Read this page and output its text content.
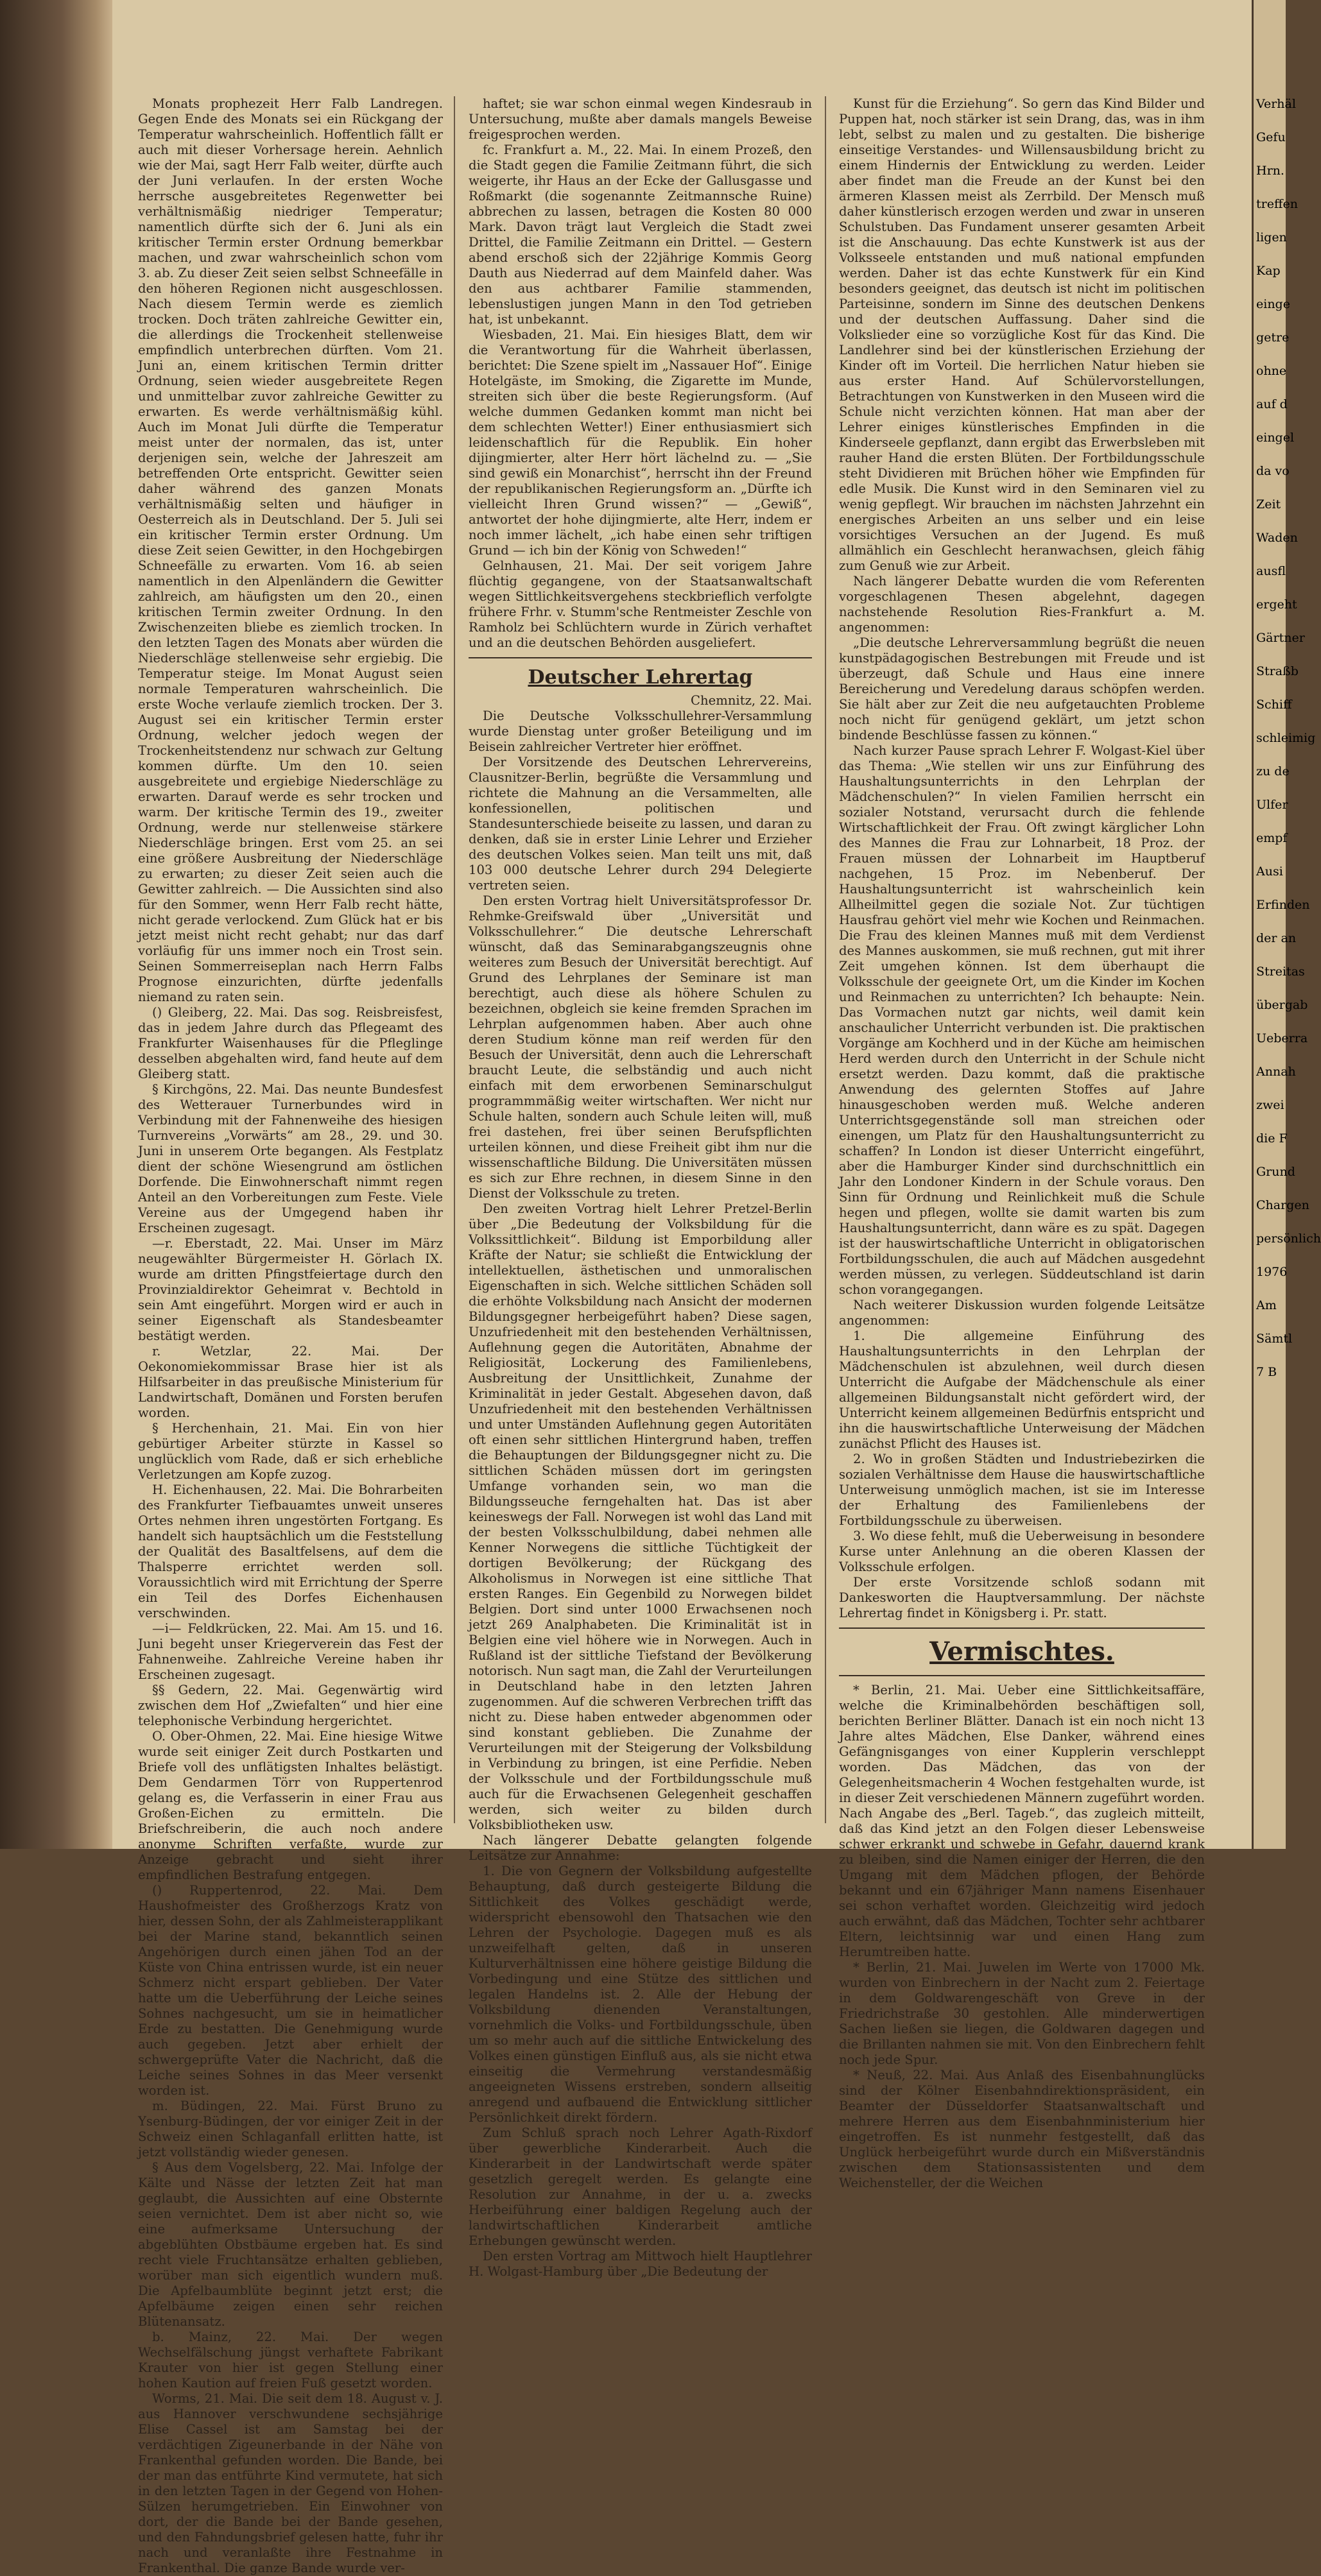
Monats prophezeit Herr Falb Landregen. Gegen Ende des Monats sei ein Rückgang der Temperatur wahrscheinlich. Hoffentlich fällt er auch mit dieser Vorhersage herein. Aehnlich wie der Mai, sagt Herr Falb weiter, dürfte auch der Juni verlaufen. In der ersten Woche herrsche ausgebreitetes Regenwetter bei verhältnismäßig niedriger Temperatur; namentlich dürfte sich der 6. Juni als ein kritischer Termin erster Ordnung bemerkbar machen, und zwar wahrscheinlich schon vom 3. ab. Zu dieser Zeit seien selbst Schneefälle in den höheren Regionen nicht ausgeschlossen. Nach diesem Termin werde es ziemlich trocken. Doch träten zahlreiche Gewitter ein, die allerdings die Trockenheit stellenweise empfindlich unterbrechen dürften. Vom 21. Juni an, einem kritischen Termin dritter Ordnung, seien wieder ausgebreitete Regen und unmittelbar zuvor zahlreiche Gewitter zu erwarten. Es werde verhältnismäßig kühl. Auch im Monat Juli dürfte die Temperatur meist unter der normalen, das ist, unter derjenigen sein, welche der Jahreszeit am betreffenden Orte entspricht. Gewitter seien daher während des ganzen Monats verhältnismäßig selten und häufiger in Oesterreich als in Deutschland. Der 5. Juli sei ein kritischer Termin erster Ordnung. Um diese Zeit seien Gewitter, in den Hochgebirgen Schneefälle zu erwarten. Vom 16. ab seien namentlich in den Alpenländern die Gewitter zahlreich, am häufigsten um den 20., einen kritischen Termin zweiter Ordnung. In den Zwischenzeiten bliebe es ziemlich trocken. In den letzten Tagen des Monats aber würden die Niederschläge stellenweise sehr ergiebig. Die Temperatur steige. Im Monat August seien normale Temperaturen wahrscheinlich. Die erste Woche verlaufe ziemlich trocken. Der 3. August sei ein kritischer Termin erster Ordnung, welcher jedoch wegen der Trockenheitstendenz nur schwach zur Geltung kommen dürfte. Um den 10. seien ausgebreitete und ergiebige Niederschläge zu erwarten. Darauf werde es sehr trocken und warm. Der kritische Termin des 19., zweiter Ordnung, werde nur stellenweise stärkere Niederschläge bringen. Erst vom 25. an sei eine größere Ausbreitung der Niederschläge zu erwarten; zu dieser Zeit seien auch die Gewitter zahlreich. — Die Aussichten sind also für den Sommer, wenn Herr Falb recht hätte, nicht gerade verlockend. Zum Glück hat er bis jetzt meist nicht recht gehabt; nur das darf vorläufig für uns immer noch ein Trost sein. Seinen Sommerreiseplan nach Herrn Falbs Prognose einzurichten, dürfte jedenfalls niemand zu raten sein.

() Gleiberg, 22. Mai. Das sog. Reisbreisfest, das in jedem Jahre durch das Pflegeamt des Frankfurter Waisenhauses für die Pfleglinge desselben abgehalten wird, fand heute auf dem Gleiberg statt.

§ Kirchgöns, 22. Mai. Das neunte Bundesfest des Wetterauer Turnerbundes wird in Verbindung mit der Fahnenweihe des hiesigen Turnvereins „Vorwärts“ am 28., 29. und 30. Juni in unserem Orte begangen. Als Festplatz dient der schöne Wiesengrund am östlichen Dorfende. Die Einwohnerschaft nimmt regen Anteil an den Vorbereitungen zum Feste. Viele Vereine aus der Umgegend haben ihr Erscheinen zugesagt.

—r. Eberstadt, 22. Mai. Unser im März neugewählter Bürgermeister H. Görlach IX. wurde am dritten Pfingstfeiertage durch den Provinzialdirektor Geheimrat v. Bechtold in sein Amt eingeführt. Morgen wird er auch in seiner Eigenschaft als Standesbeamter bestätigt werden.

r. Wetzlar, 22. Mai. Der Oekonomiekommissar Brase hier ist als Hilfsarbeiter in das preußische Ministerium für Landwirtschaft, Domänen und Forsten berufen worden.

§ Herchenhain, 21. Mai. Ein von hier gebürtiger Arbeiter stürzte in Kassel so unglücklich vom Rade, daß er sich erhebliche Verletzungen am Kopfe zuzog.

H. Eichenhausen, 22. Mai. Die Bohrarbeiten des Frankfurter Tiefbauamtes unweit unseres Ortes nehmen ihren ungestörten Fortgang. Es handelt sich hauptsächlich um die Feststellung der Qualität des Basaltfelsens, auf dem die Thalsperre errichtet werden soll. Voraussichtlich wird mit Errichtung der Sperre ein Teil des Dorfes Eichenhausen verschwinden.

—i— Feldkrücken, 22. Mai. Am 15. und 16. Juni begeht unser Kriegerverein das Fest der Fahnenweihe. Zahlreiche Vereine haben ihr Erscheinen zugesagt.

§§ Gedern, 22. Mai. Gegenwärtig wird zwischen dem Hof „Zwiefalten“ und hier eine telephonische Verbindung hergerichtet.

O. Ober-Ohmen, 22. Mai. Eine hiesige Witwe wurde seit einiger Zeit durch Postkarten und Briefe voll des unflätigsten Inhaltes belästigt. Dem Gendarmen Törr von Ruppertenrod gelang es, die Verfasserin in einer Frau aus Großen-Eichen zu ermitteln. Die Briefschreiberin, die auch noch andere anonyme Schriften verfaßte, wurde zur Anzeige gebracht und sieht ihrer empfindlichen Bestrafung entgegen.

() Ruppertenrod, 22. Mai. Dem Haushofmeister des Großherzogs Kratz von hier, dessen Sohn, der als Zahlmeisterapplikant bei der Marine stand, bekanntlich seinen Angehörigen durch einen jähen Tod an der Küste von China entrissen wurde, ist ein neuer Schmerz nicht erspart geblieben. Der Vater hatte um die Ueberführung der Leiche seines Sohnes nachgesucht, um sie in heimatlicher Erde zu bestatten. Die Genehmigung wurde auch gegeben. Jetzt aber erhielt der schwergeprüfte Vater die Nachricht, daß die Leiche seines Sohnes in das Meer versenkt worden ist.

m. Büdingen, 22. Mai. Fürst Bruno zu Ysenburg-Büdingen, der vor einiger Zeit in der Schweiz einen Schlaganfall erlitten hatte, ist jetzt vollständig wieder genesen.

§ Aus dem Vogelsberg, 22. Mai. Infolge der Kälte und Nässe der letzten Zeit hat man geglaubt, die Aussichten auf eine Obsternte seien vernichtet. Dem ist aber nicht so, wie eine aufmerksame Untersuchung der abgeblühten Obstbäume ergeben hat. Es sind recht viele Fruchtansätze erhalten geblieben, worüber man sich eigentlich wundern muß. Die Apfelbaumblüte beginnt jetzt erst; die Apfelbäume zeigen einen sehr reichen Blütenansatz.

b. Mainz, 22. Mai. Der wegen Wechselfälschung jüngst verhaftete Fabrikant Krauter von hier ist gegen Stellung einer hohen Kaution auf freien Fuß gesetzt worden.

Worms, 21. Mai. Die seit dem 18. August v. J. aus Hannover verschwundene sechsjährige Elise Cassel ist am Samstag bei der verdächtigen Zigeunerbande in der Nähe von Frankenthal gefunden worden. Die Bande, bei der man das entführte Kind vermutete, hat sich in den letzten Tagen in der Gegend von Hohen-Sülzen herumgetrieben. Ein Einwohner von dort, der die Bande bei der Bande gesehen, und den Fahndungsbrief gelesen hatte, fuhr ihr nach und veranlaßte ihre Festnahme in Frankenthal. Die ganze Bande wurde ver-

haftet; sie war schon einmal wegen Kindesraub in Untersuchung, mußte aber damals mangels Beweise freigesprochen werden.

fc. Frankfurt a. M., 22. Mai. In einem Prozeß, den die Stadt gegen die Familie Zeitmann führt, die sich weigerte, ihr Haus an der Ecke der Gallusgasse und Roßmarkt (die sogenannte Zeitmannsche Ruine) abbrechen zu lassen, betragen die Kosten 80 000 Mark. Davon trägt laut Vergleich die Stadt zwei Drittel, die Familie Zeitmann ein Drittel. — Gestern abend erschoß sich der 22jährige Kommis Georg Dauth aus Niederrad auf dem Mainfeld daher. Was den aus achtbarer Familie stammenden, lebenslustigen jungen Mann in den Tod getrieben hat, ist unbekannt.

Wiesbaden, 21. Mai. Ein hiesiges Blatt, dem wir die Verantwortung für die Wahrheit überlassen, berichtet: Die Szene spielt im „Nassauer Hof“. Einige Hotelgäste, im Smoking, die Zigarette im Munde, streiten sich über die beste Regierungsform. (Auf welche dummen Gedanken kommt man nicht bei dem schlechten Wetter!) Einer enthusiasmiert sich leidenschaftlich für die Republik. Ein hoher dijingmierter, alter Herr hört lächelnd zu. — „Sie sind gewiß ein Monarchist“, herrscht ihn der Freund der republikanischen Regierungsform an. „Dürfte ich vielleicht Ihren Grund wissen?“ — „Gewiß“, antwortet der hohe dijingmierte, alte Herr, indem er noch immer lächelt, „ich habe einen sehr triftigen Grund — ich bin der König von Schweden!“

Gelnhausen, 21. Mai. Der seit vorigem Jahre flüchtig gegangene, von der Staatsanwaltschaft wegen Sittlichkeitsvergehens steckbrieflich verfolgte frühere Frhr. v. Stumm'sche Rentmeister Zeschle von Ramholz bei Schlüchtern wurde in Zürich verhaftet und an die deutschen Behörden ausgeliefert.

Deutscher Lehrertag
Chemnitz, 22. Mai.

Die Deutsche Volksschullehrer-Versammlung wurde Dienstag unter großer Beteiligung und im Beisein zahlreicher Vertreter hier eröffnet.

Der Vorsitzende des Deutschen Lehrervereins, Clausnitzer-Berlin, begrüßte die Versammlung und richtete die Mahnung an die Versammelten, alle konfessionellen, politischen und Standesunterschiede beiseite zu lassen, und daran zu denken, daß sie in erster Linie Lehrer und Erzieher des deutschen Volkes seien. Man teilt uns mit, daß 103 000 deutsche Lehrer durch 294 Delegierte vertreten seien.

Den ersten Vortrag hielt Universitätsprofessor Dr. Rehmke-Greifswald über „Universität und Volksschullehrer.“ Die deutsche Lehrerschaft wünscht, daß das Seminarabgangszeugnis ohne weiteres zum Besuch der Universität berechtigt. Auf Grund des Lehrplanes der Seminare ist man berechtigt, auch diese als höhere Schulen zu bezeichnen, obgleich sie keine fremden Sprachen im Lehrplan aufgenommen haben. Aber auch ohne deren Studium könne man reif werden für den Besuch der Universität, denn auch die Lehrerschaft braucht Leute, die selbständig und auch nicht einfach mit dem erworbenen Seminarschulgut programmmäßig weiter wirtschaften. Wer nicht nur Schule halten, sondern auch Schule leiten will, muß frei dastehen, frei über seinen Berufspflichten urteilen können, und diese Freiheit gibt ihm nur die wissenschaftliche Bildung. Die Universitäten müssen es sich zur Ehre rechnen, in diesem Sinne in den Dienst der Volksschule zu treten.

Den zweiten Vortrag hielt Lehrer Pretzel-Berlin über „Die Bedeutung der Volksbildung für die Volkssittlichkeit“. Bildung ist Emporbildung aller Kräfte der Natur; sie schließt die Entwicklung der intellektuellen, ästhetischen und unmoralischen Eigenschaften in sich. Welche sittlichen Schäden soll die erhöhte Volksbildung nach Ansicht der modernen Bildungsgegner herbeigeführt haben? Diese sagen, Unzufriedenheit mit den bestehenden Verhältnissen, Auflehnung gegen die Autoritäten, Abnahme der Religiosität, Lockerung des Familienlebens, Ausbreitung der Unsittlichkeit, Zunahme der Kriminalität in jeder Gestalt. Abgesehen davon, daß Unzufriedenheit mit den bestehenden Verhältnissen und unter Umständen Auflehnung gegen Autoritäten oft einen sehr sittlichen Hintergrund haben, treffen die Behauptungen der Bildungsgegner nicht zu. Die sittlichen Schäden müssen dort im geringsten Umfange vorhanden sein, wo man die Bildungsseuche ferngehalten hat. Das ist aber keineswegs der Fall. Norwegen ist wohl das Land mit der besten Volksschulbildung, dabei nehmen alle Kenner Norwegens die sittliche Tüchtigkeit der dortigen Bevölkerung; der Rückgang des Alkoholismus in Norwegen ist eine sittliche That ersten Ranges. Ein Gegenbild zu Norwegen bildet Belgien. Dort sind unter 1000 Erwachsenen noch jetzt 269 Analphabeten. Die Kriminalität ist in Belgien eine viel höhere wie in Norwegen. Auch in Rußland ist der sittliche Tiefstand der Bevölkerung notorisch. Nun sagt man, die Zahl der Verurteilungen in Deutschland habe in den letzten Jahren zugenommen. Auf die schweren Verbrechen trifft das nicht zu. Diese haben entweder abgenommen oder sind konstant geblieben. Die Zunahme der Verurteilungen mit der Steigerung der Volksbildung in Verbindung zu bringen, ist eine Perfidie. Neben der Volksschule und der Fortbildungsschule muß auch für die Erwachsenen Gelegenheit geschaffen werden, sich weiter zu bilden durch Volksbibliotheken usw.

Nach längerer Debatte gelangten folgende Leitsätze zur Annahme:

1. Die von Gegnern der Volksbildung aufgestellte Behauptung, daß durch gesteigerte Bildung die Sittlichkeit des Volkes geschädigt werde, widerspricht ebensowohl den Thatsachen wie den Lehren der Psychologie. Dagegen muß es als unzweifelhaft gelten, daß in unseren Kulturverhältnissen eine höhere geistige Bildung die Vorbedingung und eine Stütze des sittlichen und legalen Handelns ist. 2. Alle der Hebung der Volksbildung dienenden Veranstaltungen, vornehmlich die Volks- und Fortbildungsschule, üben um so mehr auch auf die sittliche Entwickelung des Volkes einen günstigen Einfluß aus, als sie nicht etwa einseitig die Vermehrung verstandesmäßig angeeigneten Wissens erstreben, sondern allseitig anregend und aufbauend die Entwicklung sittlicher Persönlichkeit direkt fördern.

Zum Schluß sprach noch Lehrer Agath-Rixdorf über gewerbliche Kinderarbeit. Auch die Kinderarbeit in der Landwirtschaft werde später gesetzlich geregelt werden. Es gelangte eine Resolution zur Annahme, in der u. a. zwecks Herbeiführung einer baldigen Regelung auch der landwirtschaftlichen Kinderarbeit amtliche Erhebungen gewünscht werden.

Den ersten Vortrag am Mittwoch hielt Hauptlehrer H. Wolgast-Hamburg über „Die Bedeutung der

Kunst für die Erziehung“. So gern das Kind Bilder und Puppen hat, noch stärker ist sein Drang, das, was in ihm lebt, selbst zu malen und zu gestalten. Die bisherige einseitige Verstandes- und Willensausbildung bricht zu einem Hindernis der Entwicklung zu werden. Leider aber findet man die Freude an der Kunst bei den ärmeren Klassen meist als Zerrbild. Der Mensch muß daher künstlerisch erzogen werden und zwar in unseren Schulstuben. Das Fundament unserer gesamten Arbeit ist die Anschauung. Das echte Kunstwerk ist aus der Volksseele entstanden und muß national empfunden werden. Daher ist das echte Kunstwerk für ein Kind besonders geeignet, das deutsch ist nicht im politischen Parteisinne, sondern im Sinne des deutschen Denkens und der deutschen Auffassung. Daher sind die Volkslieder eine so vorzügliche Kost für das Kind. Die Landlehrer sind bei der künstlerischen Erziehung der Kinder oft im Vorteil. Die herrlichen Natur hieben sie aus erster Hand. Auf Schülervorstellungen, Betrachtungen von Kunstwerken in den Museen wird die Schule nicht verzichten können. Hat man aber der Lehrer einiges künstlerisches Empfinden in die Kinderseele gepflanzt, dann ergibt das Erwerbsleben mit rauher Hand die ersten Blüten. Der Fortbildungsschule steht Dividieren mit Brüchen höher wie Empfinden für edle Musik. Die Kunst wird in den Seminaren viel zu wenig gepflegt. Wir brauchen im nächsten Jahrzehnt ein energisches Arbeiten an uns selber und ein leise vorsichtiges Versuchen an der Jugend. Es muß allmählich ein Geschlecht heranwachsen, gleich fähig zum Genuß wie zur Arbeit.

Nach längerer Debatte wurden die vom Referenten vorgeschlagenen Thesen abgelehnt, dagegen nachstehende Resolution Ries-Frankfurt a. M. angenommen:

„Die deutsche Lehrerversammlung begrüßt die neuen kunstpädagogischen Bestrebungen mit Freude und ist überzeugt, daß Schule und Haus eine innere Bereicherung und Veredelung daraus schöpfen werden. Sie hält aber zur Zeit die neu aufgetauchten Probleme noch nicht für genügend geklärt, um jetzt schon bindende Beschlüsse fassen zu können.“

Nach kurzer Pause sprach Lehrer F. Wolgast-Kiel über das Thema: „Wie stellen wir uns zur Einführung des Haushaltungsunterrichts in den Lehrplan der Mädchenschulen?“ In vielen Familien herrscht ein sozialer Notstand, verursacht durch die fehlende Wirtschaftlichkeit der Frau. Oft zwingt kärglicher Lohn des Mannes die Frau zur Lohnarbeit, 18 Proz. der Frauen müssen der Lohnarbeit im Hauptberuf nachgehen, 15 Proz. im Nebenberuf. Der Haushaltungsunterricht ist wahrscheinlich kein Allheilmittel gegen die soziale Not. Zur tüchtigen Hausfrau gehört viel mehr wie Kochen und Reinmachen. Die Frau des kleinen Mannes muß mit dem Verdienst des Mannes auskommen, sie muß rechnen, gut mit ihrer Zeit umgehen können. Ist dem überhaupt die Volksschule der geeignete Ort, um die Kinder im Kochen und Reinmachen zu unterrichten? Ich behaupte: Nein. Das Vormachen nutzt gar nichts, weil damit kein anschaulicher Unterricht verbunden ist. Die praktischen Vorgänge am Kochherd und in der Küche am heimischen Herd werden durch den Unterricht in der Schule nicht ersetzt werden. Dazu kommt, daß die praktische Anwendung des gelernten Stoffes auf Jahre hinausgeschoben werden muß. Welche anderen Unterrichtsgegenstände soll man streichen oder einengen, um Platz für den Haushaltungsunterricht zu schaffen? In London ist dieser Unterricht eingeführt, aber die Hamburger Kinder sind durchschnittlich ein Jahr den Londoner Kindern in der Schule voraus. Den Sinn für Ordnung und Reinlichkeit muß die Schule hegen und pflegen, wollte sie damit warten bis zum Haushaltungsunterricht, dann wäre es zu spät. Dagegen ist der hauswirtschaftliche Unterricht in obligatorischen Fortbildungsschulen, die auch auf Mädchen ausgedehnt werden müssen, zu verlegen. Süddeutschland ist darin schon vorangegangen.

Nach weiterer Diskussion wurden folgende Leitsätze angenommen:

1. Die allgemeine Einführung des Haushaltungsunterrichts in den Lehrplan der Mädchenschulen ist abzulehnen, weil durch diesen Unterricht die Aufgabe der Mädchenschule als einer allgemeinen Bildungsanstalt nicht gefördert wird, der Unterricht keinem allgemeinen Bedürfnis entspricht und ihn die hauswirtschaftliche Unterweisung der Mädchen zunächst Pflicht des Hauses ist.

2. Wo in großen Städten und Industriebezirken die sozialen Verhältnisse dem Hause die hauswirtschaftliche Unterweisung unmöglich machen, ist sie im Interesse der Erhaltung des Familienlebens der Fortbildungsschule zu überweisen.

3. Wo diese fehlt, muß die Ueberweisung in besondere Kurse unter Anlehnung an die oberen Klassen der Volksschule erfolgen.

Der erste Vorsitzende schloß sodann mit Dankesworten die Hauptversammlung. Der nächste Lehrertag findet in Königsberg i. Pr. statt.

Vermischtes.

* Berlin, 21. Mai. Ueber eine Sittlichkeitsaffäre, welche die Kriminalbehörden beschäftigen soll, berichten Berliner Blätter. Danach ist ein noch nicht 13 Jahre altes Mädchen, Else Danker, während eines Gefängnisganges von einer Kupplerin verschleppt worden. Das Mädchen, das von der Gelegenheitsmacherin 4 Wochen festgehalten wurde, ist in dieser Zeit verschiedenen Männern zugeführt worden. Nach Angabe des „Berl. Tageb.“, das zugleich mitteilt, daß das Kind jetzt an den Folgen dieser Lebensweise schwer erkrankt und schwebe in Gefahr, dauernd krank zu bleiben, sind die Namen einiger der Herren, die den Umgang mit dem Mädchen pflogen, der Behörde bekannt und ein 67jähriger Mann namens Eisenhauer sei schon verhaftet worden. Gleichzeitig wird jedoch auch erwähnt, daß das Mädchen, Tochter sehr achtbarer Eltern, leichtsinnig war und einen Hang zum Herumtreiben hatte.

* Berlin, 21. Mai. Juwelen im Werte von 17000 Mk. wurden von Einbrechern in der Nacht zum 2. Feiertage in dem Goldwarengeschäft von Greve in der Friedrichstraße 30 gestohlen. Alle minderwertigen Sachen ließen sie liegen, die Goldwaren dagegen und die Brillanten nahmen sie mit. Von den Einbrechern fehlt noch jede Spur.

* Neuß, 22. Mai. Aus Anlaß des Eisenbahnunglücks sind der Kölner Eisenbahndirektionspräsident, ein Beamter der Düsseldorfer Staatsanwaltschaft und mehrere Herren aus dem Eisenbahnministerium hier eingetroffen. Es ist nunmehr festgestellt, daß das Unglück herbeigeführt wurde durch ein Mißverständnis zwischen dem Stationsassistenten und dem Weichensteller, der die Weichen

Verhäl
Gefu
Hrn.
treffen
ligen
Kap
einge
getre
ohne
auf d
eingel
da vo
Zeit
Waden
ausfl
ergeht
Gärtner
Straßb
Schiff
schleimig
zu de
Ulfer
empf
Ausi
Erfinden
der an
Streitas
übergab
Ueberra
Annah
zwei
die F
Grund
Chargen
persönlich
1976
Am
Sämtl
7 B
